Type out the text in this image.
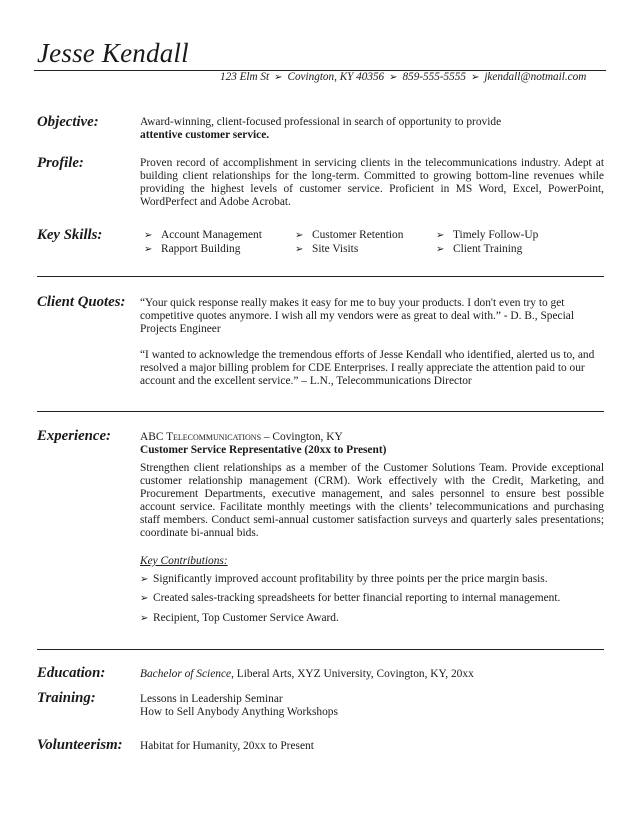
Jesse Kendall
123 Elm St ➢ Covington, KY 40356 ➢ 859-555-5555 ➢ jkendall@notmail.com
Objective:	Award-winning, client-focused professional in search of opportunity to provide

attentive customer service.

Profile:	Proven record of accomplishment in servicing clients in the telecommunications industry. Adept at building client relationships for the long-term. Committed to growing bottom-line revenues while providing the highest levels of customer service. Proficient in MS Word, Excel, PowerPoint, WordPerfect and Adobe Acrobat.
Key Skills:	➢ Account Management
➢ Rapport Building
➢ Customer Retention
➢ Site Visits
➢ Timely Follow-Up
➢ Client Training
Client Quotes: “Your quick response really makes it easy for me to buy your products. I don't even try to get competitive quotes anymore. I wish all my vendors were as great to deal with.” - D. B., Special Projects Engineer
“I wanted to acknowledge the tremendous efforts of Jesse Kendall who identified, alerted us to, and resolved a major billing problem for CDE Enterprises. I really appreciate the attention paid to our account and the excellent service.” – L.N., Telecommunications Director
Experience:	ABC Telecommunications – Covington, KY

Customer Service Representative (20xx to Present)

Strengthen client relationships as a member of the Customer Solutions Team. Provide exceptional customer relationship management (CRM). Work effectively with the Credit, Marketing, and Procurement Departments, executive management, and sales personnel to ensure best possible account service. Facilitate monthly meetings with the clients’ telecommunications and purchasing staff members. Conduct semi-annual customer satisfaction surveys and quarterly sales presentations; coordinate bi-annual bids.
Key Contributions:
➢ Significantly improved account profitability by three points per the price margin basis.
➢ Created sales-tracking spreadsheets for better financial reporting to internal management.
➢ Recipient, Top Customer Service Award.
Education:	Bachelor of Science, Liberal Arts, XYZ University, Covington, KY, 20xx
Training:	Lessons in Leadership Seminar

How to Sell Anybody Anything Workshops

Volunteerism: Habitat for Humanity, 20xx to Present
